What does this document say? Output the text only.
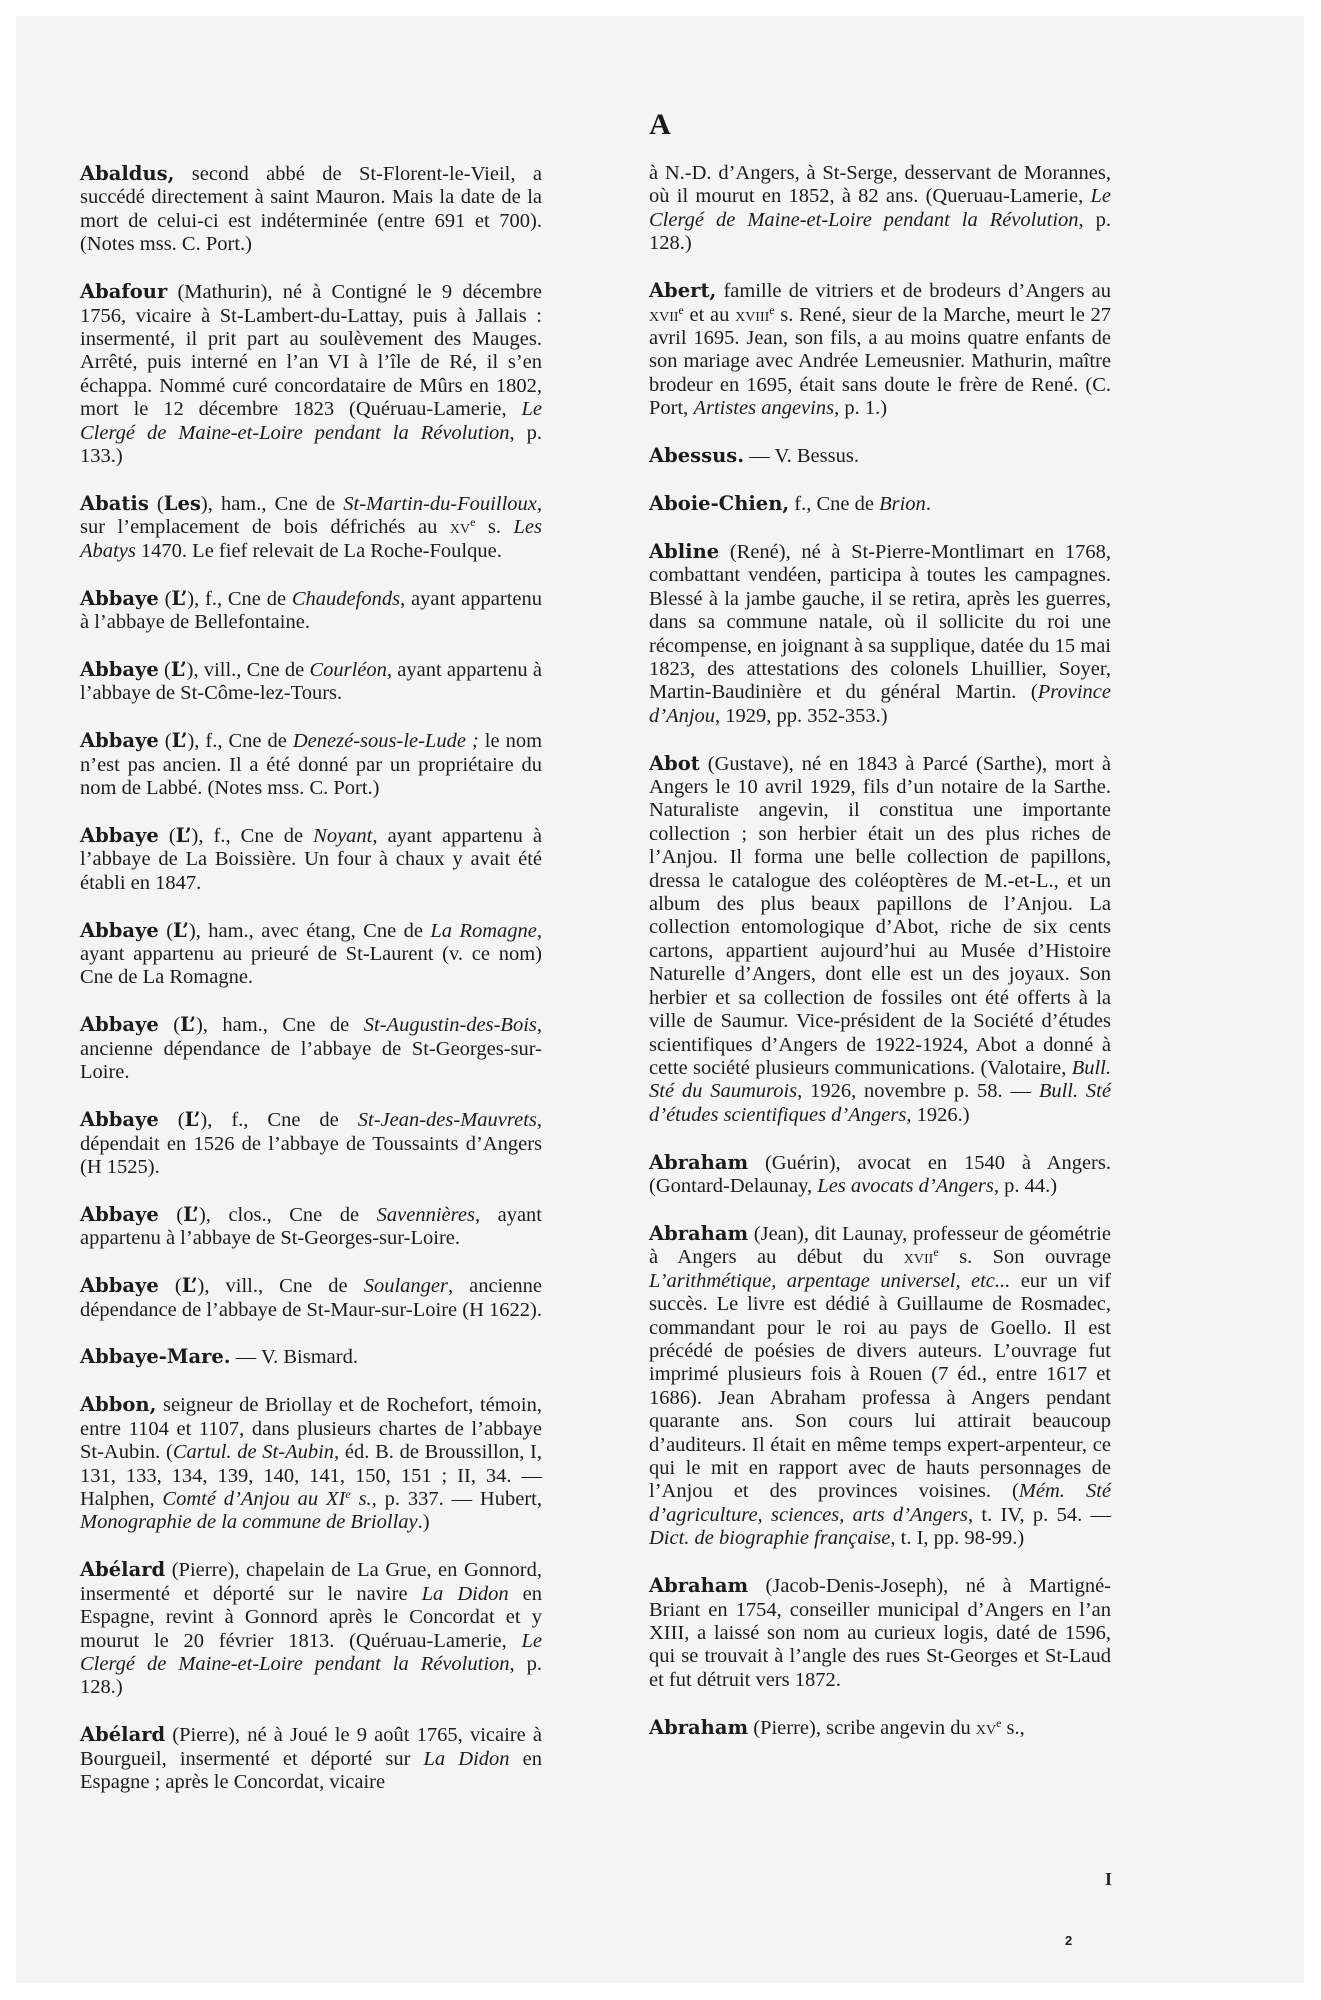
A

Abaldus, second abbé de St-Florent-le-Vieil, a succédé directement à saint Mauron. Mais la date de la mort de celui-ci est indéterminée (entre 691 et 700). (Notes mss. C. Port.)

Abafour (Mathurin), né à Contigné le 9 décembre 1756, vicaire à St-Lambert-du-Lattay, puis à Jallais : insermenté, il prit part au soulèvement des Mauges. Arrêté, puis interné en l’an VI à l’île de Ré, il s’en échappa. Nommé curé concordataire de Mûrs en 1802, mort le 12 décembre 1823 (Quéruau-Lamerie, Le Clergé de Maine-et-Loire pendant la Révolution, p. 133.)

Abatis (Les), ham., Cne de St-Martin-du-Fouilloux, sur l’emplacement de bois défrichés au $xv^e$ s. Les Abatys 1470. Le fief relevait de La Roche-Foulque.

Abbaye (L’), f., Cne de Chaudefonds, ayant appartenu à l’abbaye de Bellefontaine.

Abbaye (L’), vill., Cne de Courléon, ayant appartenu à l’abbaye de St-Côme-lez-Tours.

Abbaye (L’), f., Cne de Denezé-sous-le-Lude ; le nom n’est pas ancien. Il a été donné par un propriétaire du nom de Labbé. (Notes mss. C. Port.)

Abbaye (L’), f., Cne de Noyant, ayant appartenu à l’abbaye de La Boissière. Un four à chaux y avait été établi en 1847.

Abbaye (L’), ham., avec étang, Cne de La Romagne, ayant appartenu au prieuré de St-Laurent (v. ce nom) Cne de La Romagne.

Abbaye (L’), ham., Cne de St-Augustin-des-Bois, ancienne dépendance de l’abbaye de St-Georges-sur-Loire.

Abbaye (L’), f., Cne de St-Jean-des-Mauvrets, dépendait en 1526 de l’abbaye de Toussaints d’Angers (H 1525).

Abbaye (L’), clos., Cne de Savennières, ayant appartenu à l’abbaye de St-Georges-sur-Loire.

Abbaye (L’), vill., Cne de Soulanger, ancienne dépendance de l’abbaye de St-Maur-sur-Loire (H 1622).

Abbaye-Mare. — V. Bismard.

Abbon, seigneur de Briollay et de Rochefort, témoin, entre 1104 et 1107, dans plusieurs chartes de l’abbaye St-Aubin. (Cartul. de St-Aubin, éd. B. de Broussillon, I, 131, 133, 134, 139, 140, 141, 150, 151 ; II, 34. — Halphen, Comté d’Anjou au XIe s., p. 337. — Hubert, Monographie de la commune de Briollay.)

Abélard (Pierre), chapelain de La Grue, en Gonnord, insermenté et déporté sur le navire La Didon en Espagne, revint à Gonnord après le Concordat et y mourut le 20 février 1813. (Quéruau-Lamerie, Le Clergé de Maine-et-Loire pendant la Révolution, p. 128.)

Abélard (Pierre), né à Joué le 9 août 1765, vicaire à Bourgueil, insermenté et déporté sur La Didon en Espagne ; après le Concordat, vicaire

à N.-D. d’Angers, à St-Serge, desservant de Morannes, où il mourut en 1852, à 82 ans. (Queruau-Lamerie, Le Clergé de Maine-et-Loire pendant la Révolution, p. 128.)

Abert, famille de vitriers et de brodeurs d’Angers au xvii$^e$ et au xviii$^e$ s. René, sieur de la Marche, meurt le 27 avril 1695. Jean, son fils, a au moins quatre enfants de son mariage avec Andrée Lemeusnier. Mathurin, maître brodeur en 1695, était sans doute le frère de René. (C. Port, Artistes angevins, p. 1.)

Abessus. — V. Bessus.

Aboie-Chien, f., Cne de Brion.

Abline (René), né à St-Pierre-Montlimart en 1768, combattant vendéen, participa à toutes les campagnes. Blessé à la jambe gauche, il se retira, après les guerres, dans sa commune natale, où il sollicite du roi une récompense, en joignant à sa supplique, datée du 15 mai 1823, des attestations des colonels Lhuillier, Soyer, Martin-Baudinière et du général Martin. (Province d’Anjou, 1929, pp. 352-353.)

Abot (Gustave), né en 1843 à Parcé (Sarthe), mort à Angers le 10 avril 1929, fils d’un notaire de la Sarthe. Naturaliste angevin, il constitua une importante collection ; son herbier était un des plus riches de l’Anjou. Il forma une belle collection de papillons, dressa le catalogue des coléoptères de M.-et-L., et un album des plus beaux papillons de l’Anjou. La collection entomologique d’Abot, riche de six cents cartons, appartient aujourd’hui au Musée d’Histoire Naturelle d’Angers, dont elle est un des joyaux. Son herbier et sa collection de fossiles ont été offerts à la ville de Saumur. Vice-président de la Société d’études scientifiques d’Angers de 1922-1924, Abot a donné à cette société plusieurs communications. (Valotaire, Bull. Sté du Saumurois, 1926, novembre p. 58. — Bull. Sté d’études scientifiques d’Angers, 1926.)

Abraham (Guérin), avocat en 1540 à Angers. (Gontard-Delaunay, Les avocats d’Angers, p. 44.)

Abraham (Jean), dit Launay, professeur de géométrie à Angers au début du xvii$^e$ s. Son ouvrage L’arithmétique, arpentage universel, etc... eur un vif succès. Le livre est dédié à Guillaume de Rosmadec, commandant pour le roi au pays de Goello. Il est précédé de poésies de divers auteurs. L’ouvrage fut imprimé plusieurs fois à Rouen (7 éd., entre 1617 et 1686). Jean Abraham professa à Angers pendant quarante ans. Son cours lui attirait beaucoup d’auditeurs. Il était en même temps expert-arpenteur, ce qui le mit en rapport avec de hauts personnages de l’Anjou et des provinces voisines. (Mém. Sté d’agriculture, sciences, arts d’Angers, t. IV, p. 54. — Dict. de biographie française, t. I, pp. 98-99.)

Abraham (Jacob-Denis-Joseph), né à Martigné-Briant en 1754, conseiller municipal d’Angers en l’an XIII, a laissé son nom au curieux logis, daté de 1596, qui se trouvait à l’angle des rues St-Georges et St-Laud et fut détruit vers 1872.

Abraham (Pierre), scribe angevin du $xv^e$ s.,

I
2
